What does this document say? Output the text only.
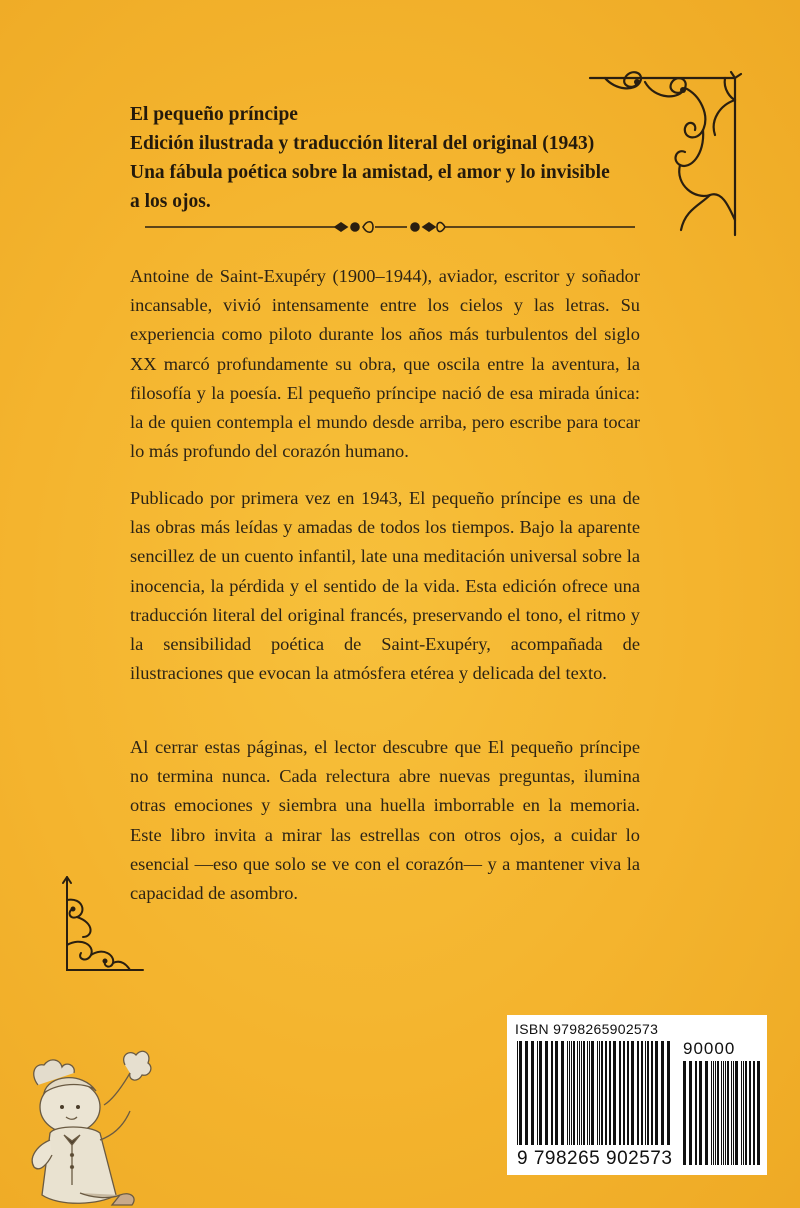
El pequeño príncipe
Edición ilustrada y traducción literal del original (1943)
Una fábula poética sobre la amistad, el amor y lo invisible
a los ojos.
Antoine de Saint-Exupéry (1900–1944), aviador, escritor y soñador incansable, vivió intensamente entre los cielos y las letras. Su experiencia como piloto durante los años más turbulentos del siglo XX marcó profundamente su obra, que oscila entre la aventura, la filosofía y la poesía. El pequeño príncipe nació de esa mirada única: la de quien contempla el mundo desde arriba, pero escribe para tocar lo más profundo del corazón humano.
Publicado por primera vez en 1943, El pequeño príncipe es una de las obras más leídas y amadas de todos los tiempos. Bajo la aparente sencillez de un cuento infantil, late una meditación universal sobre la inocencia, la pérdida y el sentido de la vida. Esta edición ofrece una traducción literal del original francés, preservando el tono, el ritmo y la sensibilidad poética de Saint-Exupéry, acompañada de ilustraciones que evocan la atmósfera etérea y delicada del texto.
Al cerrar estas páginas, el lector descubre que El pequeño príncipe no termina nunca. Cada relectura abre nuevas preguntas, ilumina otras emociones y siembra una huella imborrable en la memoria. Este libro invita a mirar las estrellas con otros ojos, a cuidar lo esencial —eso que solo se ve con el corazón— y a mantener viva la capacidad de asombro.
ISBN 9798265902573
90000
9 798265 902573
